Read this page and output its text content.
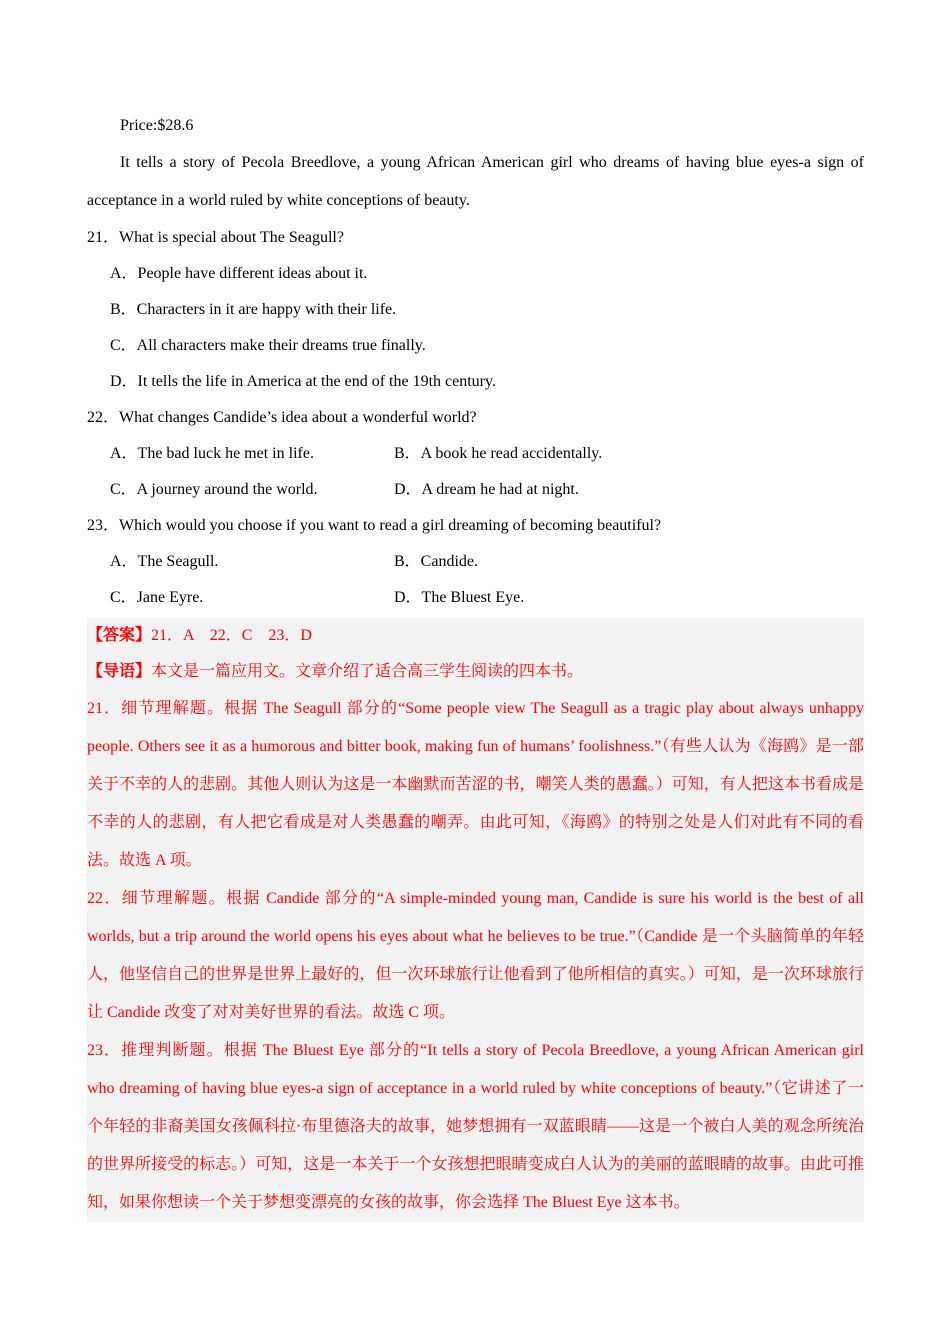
Price:$28.6
It tells a story of Pecola Breedlove, a young African American girl who dreams of having blue eyes-a sign of acceptance in a world ruled by white conceptions of beauty.
21．What is special about The Seagull?
A．People have different ideas about it.
B．Characters in it are happy with their life.
C．All characters make their dreams true finally.
D．It tells the life in America at the end of the 19th century.
22．What changes Candide’s idea about a wonderful world?
A．The bad luck he met in life.	B．A book he read accidentally.
C．A journey around the world.	D．A dream he had at night.
23．Which would you choose if you want to read a girl dreaming of becoming beautiful?
A．The Seagull.	B．Candide.
C．Jane Eyre.	D．The Bluest Eye.
【答案】21．A　22．C　23．D
【导语】本文是一篇应用文。文章介绍了适合高三学生阅读的四本书。
21．细节理解题。根据 The Seagull 部分的“Some people view The Seagull as a tragic play about always unhappy people. Others see it as a humorous and bitter book, making fun of humans’ foolishness.”（有些人认为《海鸥》是一部关于不幸的人的悲剧。其他人则认为这是一本幽默而苦涩的书，嘲笑人类的愚蠢。）可知，有人把这本书看成是不幸的人的悲剧，有人把它看成是对人类愚蠢的嘲弄。由此可知，《海鸥》的特别之处是人们对此有不同的看法。故选 A 项。
22．细节理解题。根据 Candide 部分的“A simple-minded young man, Candide is sure his world is the best of all worlds, but a trip around the world opens his eyes about what he believes to be true.”（Candide 是一个头脑简单的年轻人，他坚信自己的世界是世界上最好的，但一次环球旅行让他看到了他所相信的真实。）可知，是一次环球旅行让 Candide 改变了对对美好世界的看法。故选 C 项。
23．推理判断题。根据 The Bluest Eye 部分的“It tells a story of Pecola Breedlove, a young African American girl who dreaming of having blue eyes-a sign of acceptance in a world ruled by white conceptions of beauty.”（它讲述了一个年轻的非裔美国女孩佩科拉·布里德洛夫的故事，她梦想拥有一双蓝眼睛——这是一个被白人美的观念所统治的世界所接受的标志。）可知，这是一本关于一个女孩想把眼睛变成白人认为的美丽的蓝眼睛的故事。由此可推知，如果你想读一个关于梦想变漂亮的女孩的故事，你会选择 The Bluest Eye 这本书。
